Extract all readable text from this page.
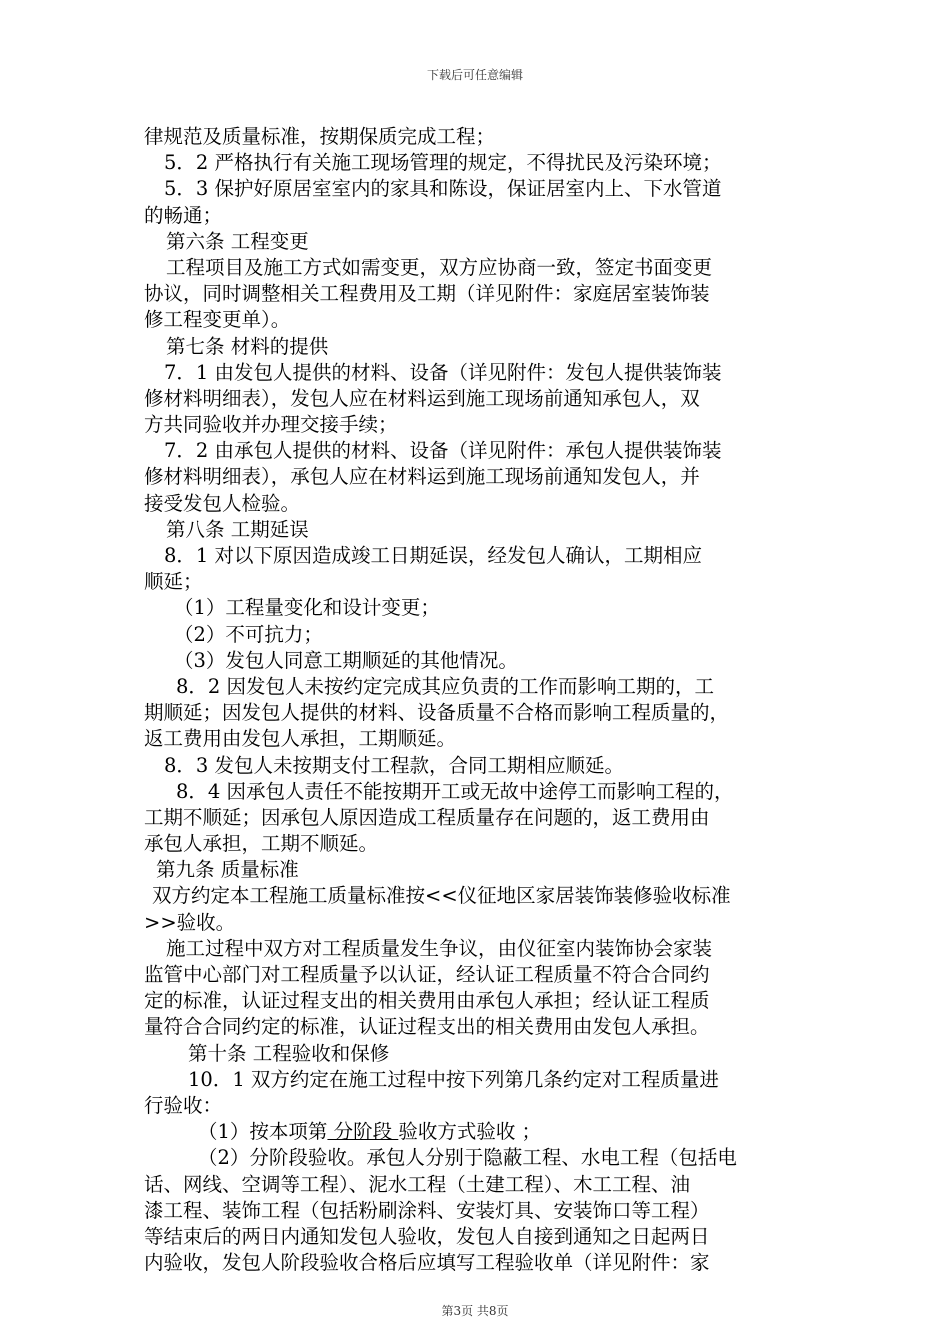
下载后可任意编辑
律规范及质量标准，按期保质完成工程；
5．2 严格执行有关施工现场管理的规定，不得扰民及污染环境；
5．3 保护好原居室室内的家具和陈设，保证居室内上、下水管道
的畅通；
第六条 工程变更
工程项目及施工方式如需变更，双方应协商一致，签定书面变更
协议，同时调整相关工程费用及工期（详见附件：家庭居室装饰装
修工程变更单）。
第七条 材料的提供
7．1 由发包人提供的材料、设备（详见附件：发包人提供装饰装
修材料明细表），发包人应在材料运到施工现场前通知承包人，双
方共同验收并办理交接手续；
7．2 由承包人提供的材料、设备（详见附件：承包人提供装饰装
修材料明细表），承包人应在材料运到施工现场前通知发包人，并
接受发包人检验。
第八条 工期延误
8．1 对以下原因造成竣工日期延误，经发包人确认，工期相应
顺延；
（1）工程量变化和设计变更；
（2）不可抗力；
（3）发包人同意工期顺延的其他情况。
8．2 因发包人未按约定完成其应负责的工作而影响工期的，工
期顺延；因发包人提供的材料、设备质量不合格而影响工程质量的，
返工费用由发包人承担，工期顺延。
8．3 发包人未按期支付工程款，合同工期相应顺延。
8．4 因承包人责任不能按期开工或无故中途停工而影响工程的，
工期不顺延；因承包人原因造成工程质量存在问题的，返工费用由
承包人承担，工期不顺延。
第九条 质量标准
双方约定本工程施工质量标准按<<仪征地区家居装饰装修验收标准
>>验收。
施工过程中双方对工程质量发生争议，由仪征室内装饰协会家装
监管中心部门对工程质量予以认证，经认证工程质量不符合合同约
定的标准，认证过程支出的相关费用由承包人承担；经认证工程质
量符合合同约定的标准，认证过程支出的相关费用由发包人承担。
第十条 工程验收和保修
10．1 双方约定在施工过程中按下列第几条约定对工程质量进
行验收：
（1）按本项第 分阶段 验收方式验收 ；
（2）分阶段验收。承包人分别于隐蔽工程、水电工程（包括电
话、网线、空调等工程）、泥水工程（土建工程）、木工工程、油
漆工程、装饰工程（包括粉刷涂料、安装灯具、安装饰口等工程）
等结束后的两日内通知发包人验收，发包人自接到通知之日起两日
内验收，发包人阶段验收合格后应填写工程验收单（详见附件：家
第3页 共8页
